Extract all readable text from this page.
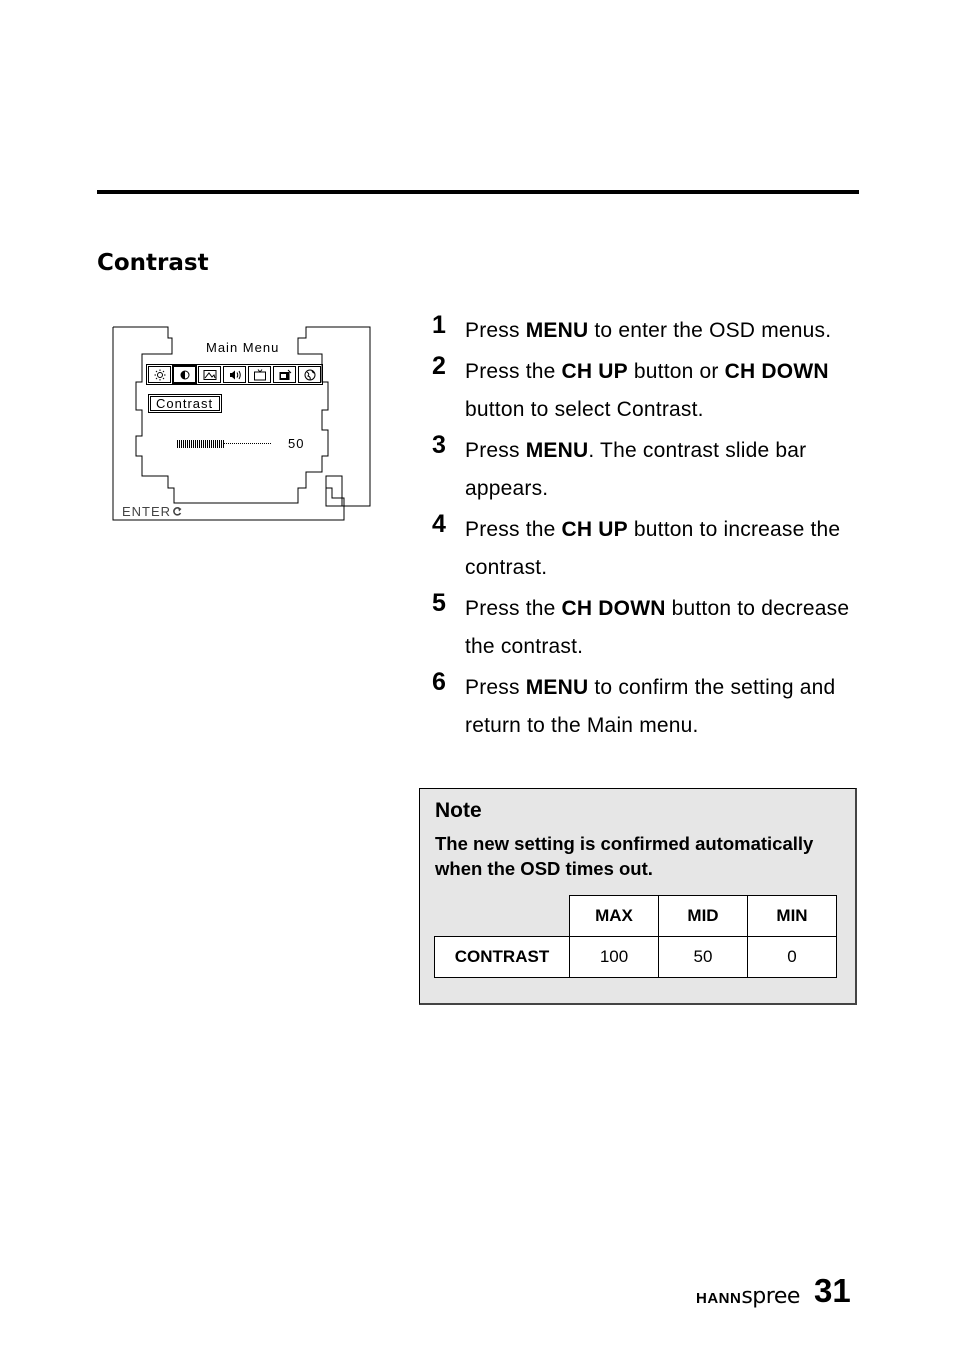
Contrast
Main Menu
Contrast
50
ENTER
1 Press MENU to enter the OSD menus.
2 Press the CH UP button or CH DOWN button to select Contrast.
3 Press MENU. The contrast slide bar appears.
4 Press the CH UP button to increase the contrast.
5 Press the CH DOWN button to decrease the contrast.
6 Press MENU to confirm the setting and return to the Main menu.
Note
The new setting is confirmed automatically when the OSD times out.
	MAX	MID	MIN
CONTRAST	100	50	0
HANN spree 31
